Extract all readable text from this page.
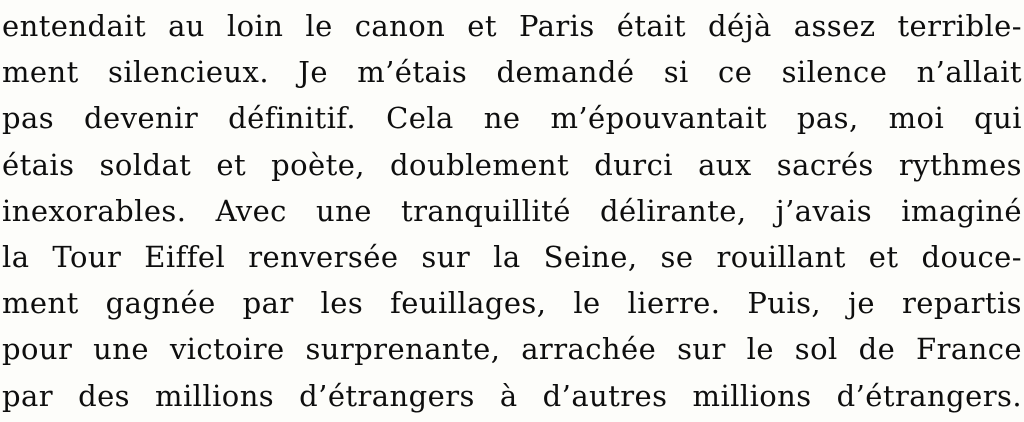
entendait au loin le canon et Paris était déjà assez terrible-
ment silencieux. Je m’étais demandé si ce silence n’allait
pas devenir définitif. Cela ne m’épouvantait pas, moi qui
étais soldat et poète, doublement durci aux sacrés rythmes
inexorables. Avec une tranquillité délirante, j’avais imaginé
la Tour Eiffel renversée sur la Seine, se rouillant et douce-
ment gagnée par les feuillages, le lierre. Puis, je repartis
pour une victoire surprenante, arrachée sur le sol de France
par des millions d’étrangers à d’autres millions d’étrangers.
